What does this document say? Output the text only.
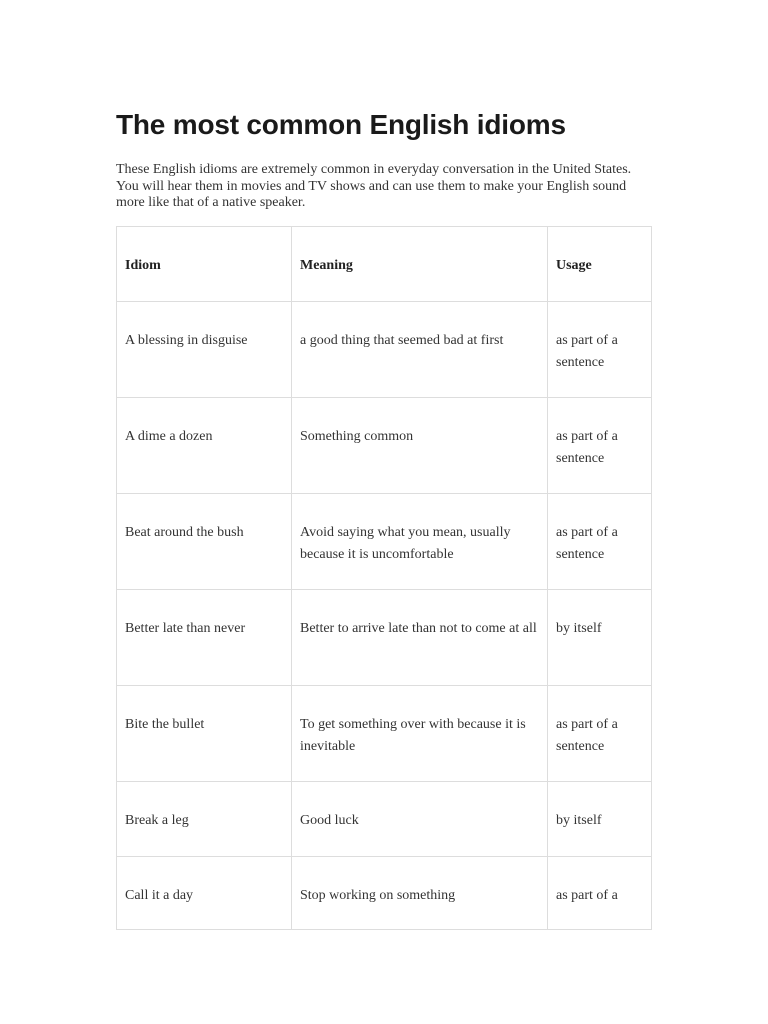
The most common English idioms

These English idioms are extremely common in everyday conversation in the United States. You will hear them in movies and TV shows and can use them to make your English sound more like that of a native speaker.

Idiom	Meaning	Usage
A blessing in disguise	a good thing that seemed bad at first	as part of a sentence
A dime a dozen	Something common	as part of a sentence
Beat around the bush	Avoid saying what you mean, usually because it is uncomfortable	as part of a sentence
Better late than never	Better to arrive late than not to come at all	by itself
Bite the bullet	To get something over with because it is inevitable	as part of a sentence
Break a leg	Good luck	by itself
Call it a day	Stop working on something	as part of a
